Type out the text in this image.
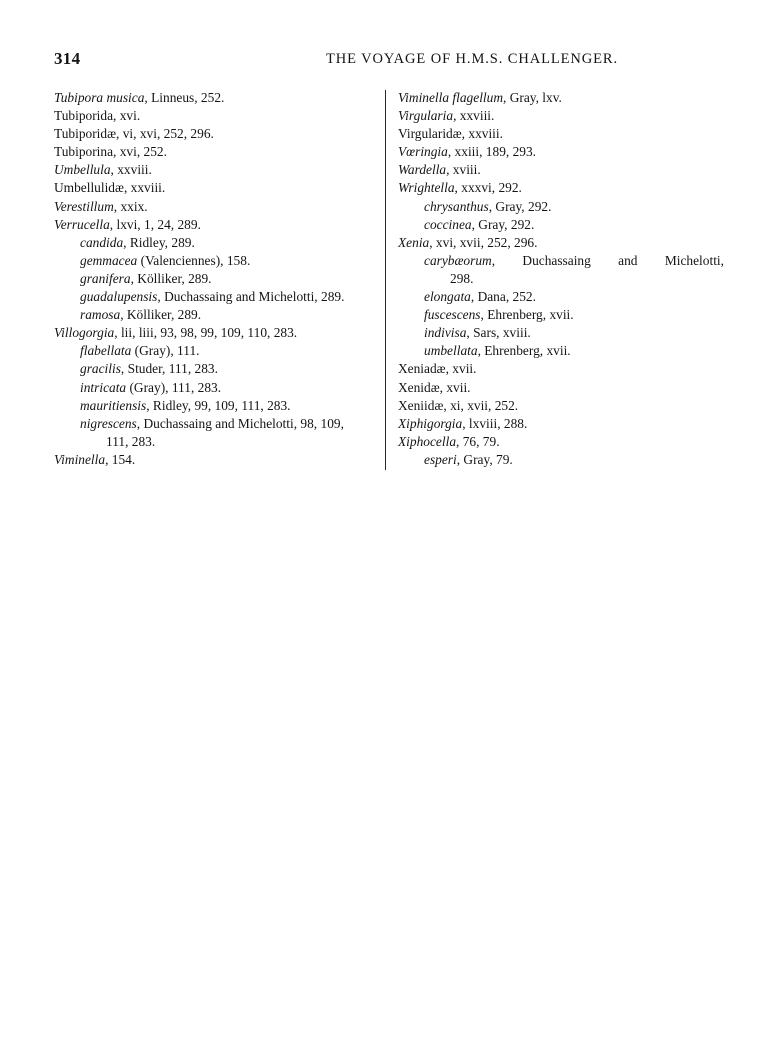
314	THE VOYAGE OF H.M.S. CHALLENGER.

Tubipora musica, Linneus, 252.

Tubiporida, xvi.

Tubiporidæ, vi, xvi, 252, 296.

Tubiporina, xvi, 252.

Umbellula, xxviii.

Umbellulidæ, xxviii.

Verestillum, xxix.

Verrucella, lxvi, 1, 24, 289.

candida, Ridley, 289.

gemmacea (Valenciennes), 158.

granifera, Kölliker, 289.

guadalupensis, Duchassaing and Michelotti, 289.

ramosa, Kölliker, 289.

Villogorgia, lii, liii, 93, 98, 99, 109, 110, 283.

flabellata (Gray), 111.

gracilis, Studer, 111, 283.

intricata (Gray), 111, 283.

mauritiensis, Ridley, 99, 109, 111, 283.

nigrescens, Duchassaing and Michelotti, 98, 109,
111, 283.

Viminella, 154.

Viminella flagellum, Gray, lxv.

Virgularia, xxviii.

Virgularidæ, xxviii.

Vœringia, xxiii, 189, 293.

Wardella, xviii.

Wrightella, xxxvi, 292.

chrysanthus, Gray, 292.

coccinea, Gray, 292.

Xenia, xvi, xvii, 252, 296.

carybæorum, Duchassaing and Michelotti,
298.

elongata, Dana, 252.

fuscescens, Ehrenberg, xvii.

indivisa, Sars, xviii.

umbellata, Ehrenberg, xvii.

Xeniadæ, xvii.

Xenidæ, xvii.

Xeniidæ, xi, xvii, 252.

Xiphigorgia, lxviii, 288.

Xiphocella, 76, 79.

esperi, Gray, 79.
